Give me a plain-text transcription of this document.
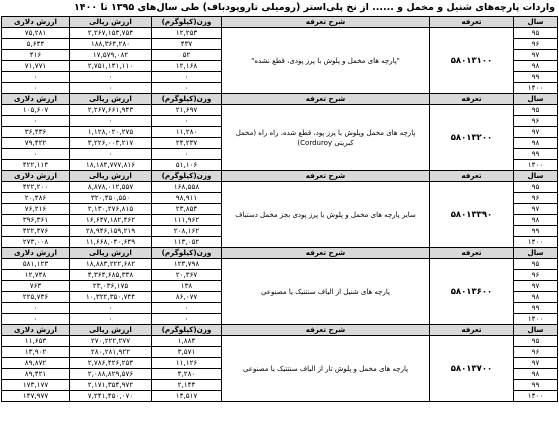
واردات پارچه‌های شنیل و مخمل و ...... از نخ پلی‌استر (روميلی تاروپودباف) طی سال‌های ۱۳۹۵ تا ۱۴۰۰
سال	تعرفه	شرح تعرفه	وزن(کیلوگرم)	ارزش ریالی	ارزش دلاری
۹۵	۵۸۰۱۳۱۰۰	"پارچه های مخمل و پلوش با پرز پودی، قطع نشده"	۱۲,۲۵۳	۲,۲۶۷,۱۵۳,۷۵۴	۷۵,۲۸۱
۹۶			۴۳۷	۱۸۸,۳۶۴,۲۸۰	۵,۶۴۴
۹۷			۵۲	۱۷,۵۷۹,۰۸۲	۴۱۶
۹۸			۱۲,۱۶۸	۲,۷۵۱,۱۴۱,۱۱۰	۷۱,۷۷۱
۹۹			۰	۰	۰
۱۴۰۰			۰	۰	۰
سال	تعرفه	شرح تعرفه	وزن(کیلوگرم)	ارزش ریالی	ارزش دلاری
۹۵	۵۸۰۱۳۲۰۰	پارچه های مخمل وپلوش با پرز پود، قطع شده، راه راه (مخمل کبریتی Corduroy)	۲۱,۶۹۷	۲,۲۶۷,۶۶۱,۹۴۳	۱۰۵,۶۰۷
۹۶			۰	۰	۰
۹۷			۱۱,۲۸۰	۱,۱۲۸,۰۲۰,۲۷۵	۳۶,۴۳۶
۹۸			۲۴,۲۳۷	۳,۲۲۶,۰۰۳,۲۱۷	۷۹,۴۲۲
۹۹			۰	۰	۰
۱۴۰۰			۵۱,۱۰۶	۱۸,۱۸۴,۷۷۷,۸۱۶	۴۲۲,۱۱۴
سال	تعرفه	شرح تعرفه	وزن(کیلوگرم)	ارزش ریالی	ارزش دلاری
۹۵	۵۸۰۱۳۳۹۰	سایر پارچه های مخمل و پلوش با پرز پودی بجز مخمل دستباف	۱۶۸,۵۵۸	۸,۸۷۸,۰۱۲,۵۵۷	۴۲۲,۲۰۰
۹۶			۹۸,۹۱۱	۳۲۰,۴۵۰,۵۵۰	۲۰,۴۸۶
۹۷			۲۳,۸۵۴	۲,۱۳۰,۲۷۶,۸۱۵	۷۶,۲۱۶
۹۸			۱۱۱,۹۶۲	۱۶,۶۴۷,۱۸۲,۴۶۲	۳۹۶,۳۶۱
۹۹			۲۰۸,۱۶۲	۲۸,۹۴۶,۱۵۹,۲۱۹	۴۲۲,۴۷۶
۱۴۰۰			۱۱۳,۰۵۲	۱۱,۶۶۸,۰۴۰,۶۴۹	۲۷۳,۰۰۸
سال	تعرفه	شرح تعرفه	وزن(کیلوگرم)	ارزش ریالی	ارزش دلاری
۹۵	۵۸۰۱۳۶۰۰	پارچه های شنیل از الیاف سنتتیک یا مصنوعی	۱۲۳,۷۹۸	۱۸,۸۸۳,۲۲۲,۶۸۲	۵۸۱,۱۲۳
۹۶			۲۰,۳۶۷	۴,۳۶۴,۶۸۵,۳۳۸	۱۲,۷۴۸
۹۷			۱۳۸	۲۳,۰۳۶,۱۷۵	۷۶۳
۹۸			۸۶,۰۷۷	۱۰,۳۲۲,۳۵۰,۷۴۴	۲۲۵,۷۳۶
۹۹			۰	۰	۰
۱۴۰۰			۰	۰	۰
سال	تعرفه	شرح تعرفه	وزن(کیلوگرم)	ارزش ریالی	ارزش دلاری
۹۵	۵۸۰۱۳۷۰۰	پارچه های مخمل و پلوش تار از الیاف سنتتیک یا مصنوعی	۱,۸۸۴	۲۷۰,۲۲۲,۲۷۷	۱۱,۶۵۳
۹۶			۳,۵۷۱	۲۸۰,۲۸۱,۹۲۲	۱۳,۹۰۲
۹۷			۱۱,۱۲۶	۲,۷۸۶,۴۲۶,۲۵۴	۸۹,۸۷۲
۹۸			۴,۲۸۰	۲,۰۸۸,۸۲۹,۵۷۶	۸۹,۴۲۱
۹۹			۲,۱۴۴	۲,۱۷۱,۳۵۴,۹۷۲	۱۷۳,۱۷۷
۱۴۰۰			۱۴,۵۱۷	۷,۲۴۱,۴۵۰,۰۷۰	۱۴۷,۹۷۷
